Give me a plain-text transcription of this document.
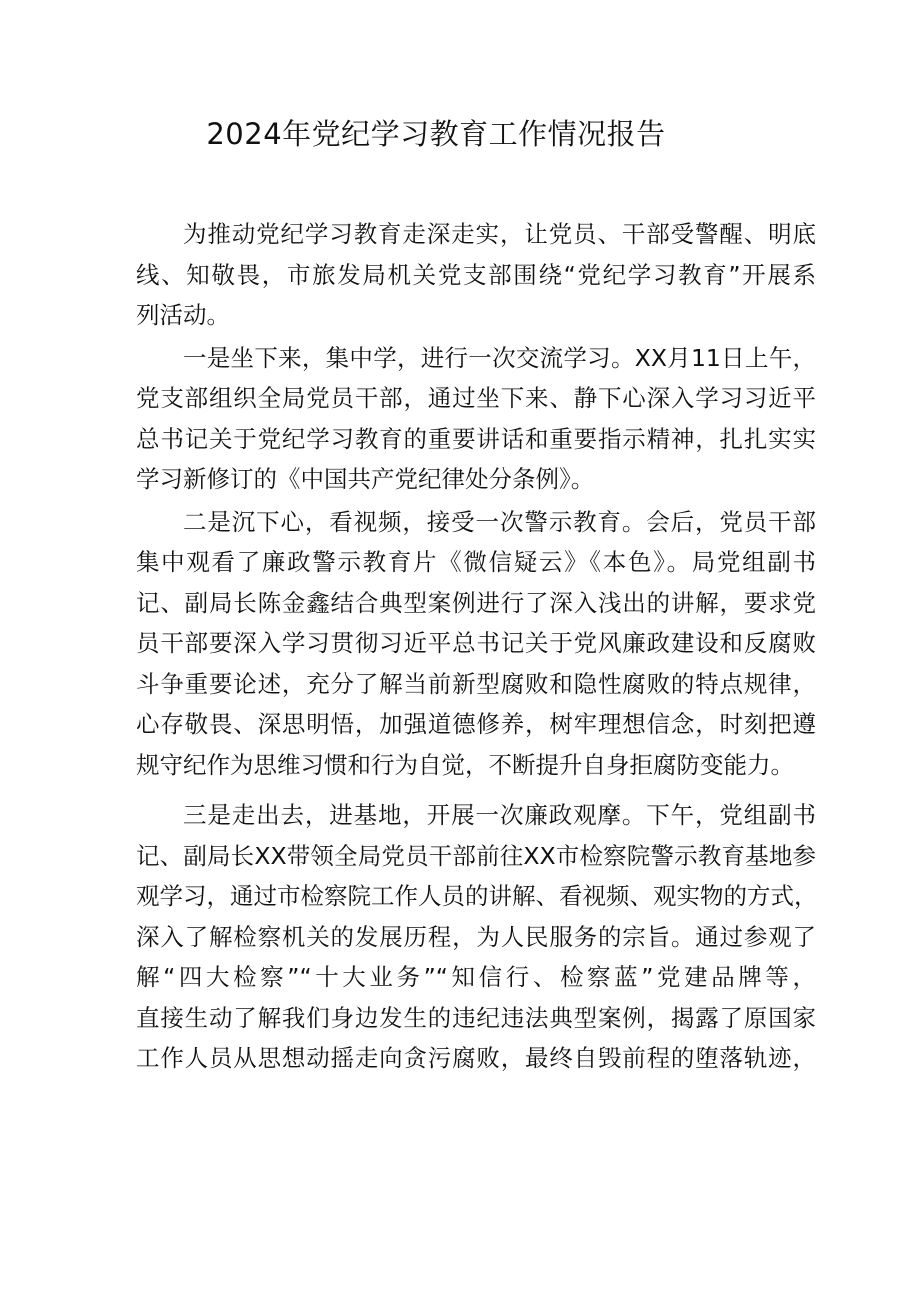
2024年党纪学习教育工作情况报告

为推动党纪学习教育走深走实，让党员、干部受警醒、明底
线、知敬畏，市旅发局机关党支部围绕“党纪学习教育”开展系
列活动。

一是坐下来，集中学，进行一次交流学习。XX月11日上午，
党支部组织全局党员干部，通过坐下来、静下心深入学习习近平
总书记关于党纪学习教育的重要讲话和重要指示精神，扎扎实实
学习新修订的《中国共产党纪律处分条例》。

二是沉下心，看视频，接受一次警示教育。会后，党员干部
集中观看了廉政警示教育片《微信疑云》《本色》。局党组副书
记、副局长陈金鑫结合典型案例进行了深入浅出的讲解，要求党
员干部要深入学习贯彻习近平总书记关于党风廉政建设和反腐败
斗争重要论述，充分了解当前新型腐败和隐性腐败的特点规律，
心存敬畏、深思明悟，加强道德修养，树牢理想信念，时刻把遵
规守纪作为思维习惯和行为自觉，不断提升自身拒腐防变能力。

三是走出去，进基地，开展一次廉政观摩。下午，党组副书
记、副局长XX带领全局党员干部前往XX市检察院警示教育基地参
观学习，通过市检察院工作人员的讲解、看视频、观实物的方式，
深入了解检察机关的发展历程，为人民服务的宗旨。通过参观了
解“四大检察”“十大业务”“知信行、检察蓝”党建品牌等，
直接生动了解我们身边发生的违纪违法典型案例，揭露了原国家
工作人员从思想动摇走向贪污腐败，最终自毁前程的堕落轨迹，
